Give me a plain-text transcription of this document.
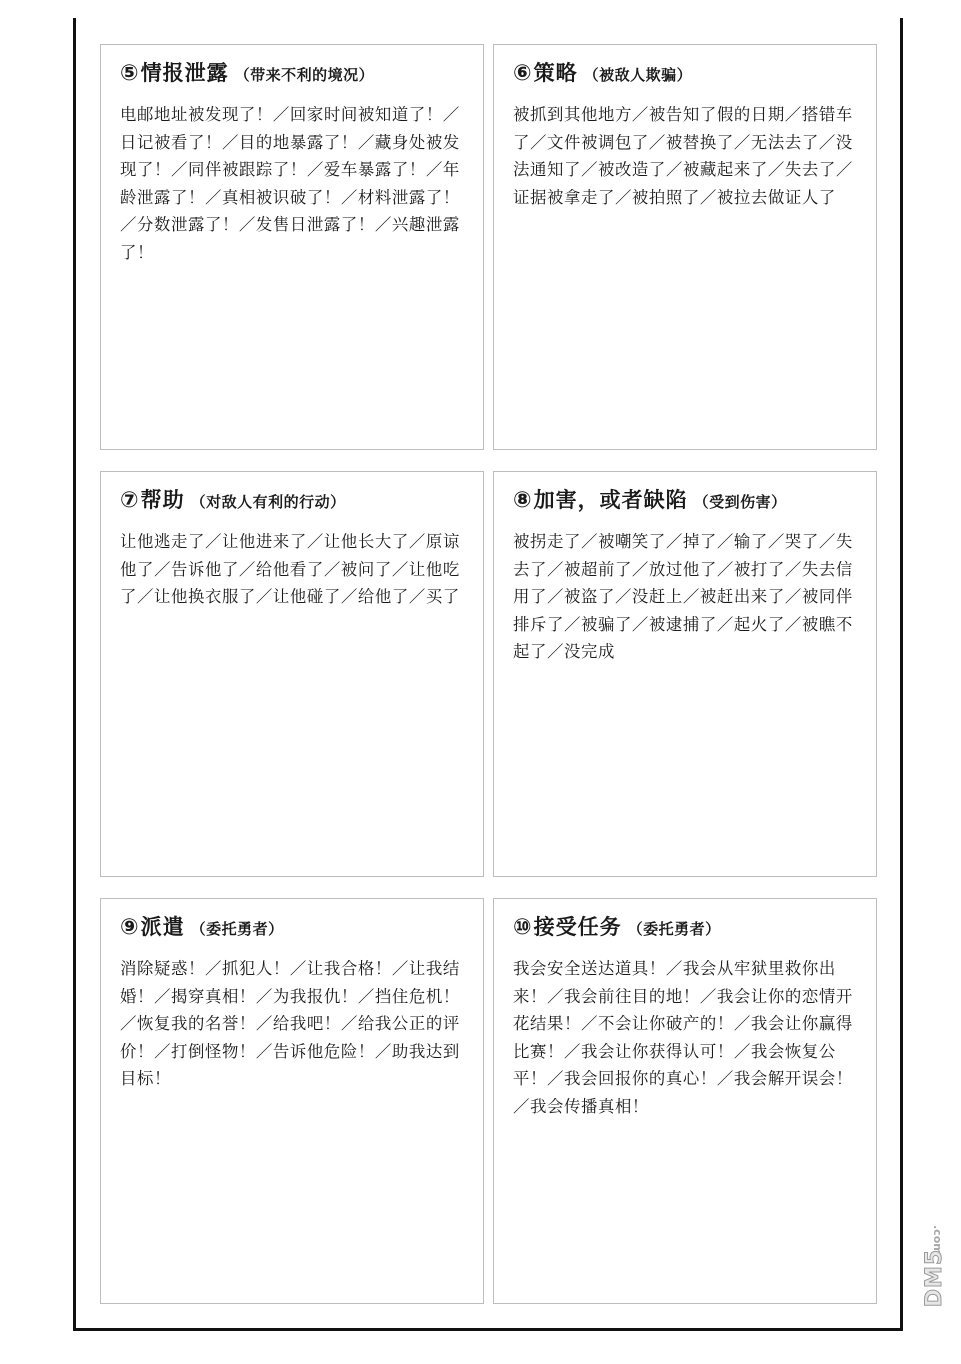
⑤ 情报泄露 （带来不利的境况）
电邮地址被发现了！／回家时间被知道了！／日记被看了！／目的地暴露了！／藏身处被发现了！／同伴被跟踪了！／爱车暴露了！／年龄泄露了！／真相被识破了！／材料泄露了！／分数泄露了！／发售日泄露了！／兴趣泄露了！
⑥ 策略 （被敌人欺骗）
被抓到其他地方／被告知了假的日期／搭错车了／文件被调包了／被替换了／无法去了／没法通知了／被改造了／被藏起来了／失去了／证据被拿走了／被拍照了／被拉去做证人了
⑦ 帮助 （对敌人有利的行动）
让他逃走了／让他进来了／让他长大了／原谅他了／告诉他了／给他看了／被问了／让他吃了／让他换衣服了／让他碰了／给他了／买了
⑧ 加害，或者缺陷 （受到伤害）
被拐走了／被嘲笑了／掉了／输了／哭了／失去了／被超前了／放过他了／被打了／失去信用了／被盗了／没赶上／被赶出来了／被同伴排斥了／被骗了／被逮捕了／起火了／被瞧不起了／没完成
⑨ 派遣 （委托勇者）
消除疑惑！／抓犯人！／让我合格！／让我结婚！／揭穿真相！／为我报仇！／挡住危机！／恢复我的名誉！／给我吧！／给我公正的评价！／打倒怪物！／告诉他危险！／助我达到目标！
⑩ 接受任务 （委托勇者）
我会安全送达道具！／我会从牢狱里救你出来！／我会前往目的地！／我会让你的恋情开花结果！／不会让你破产的！／我会让你赢得比赛！／我会让你获得认可！／我会恢复公平！／我会回报你的真心！／我会解开误会！／我会传播真相！
.com
DM5
